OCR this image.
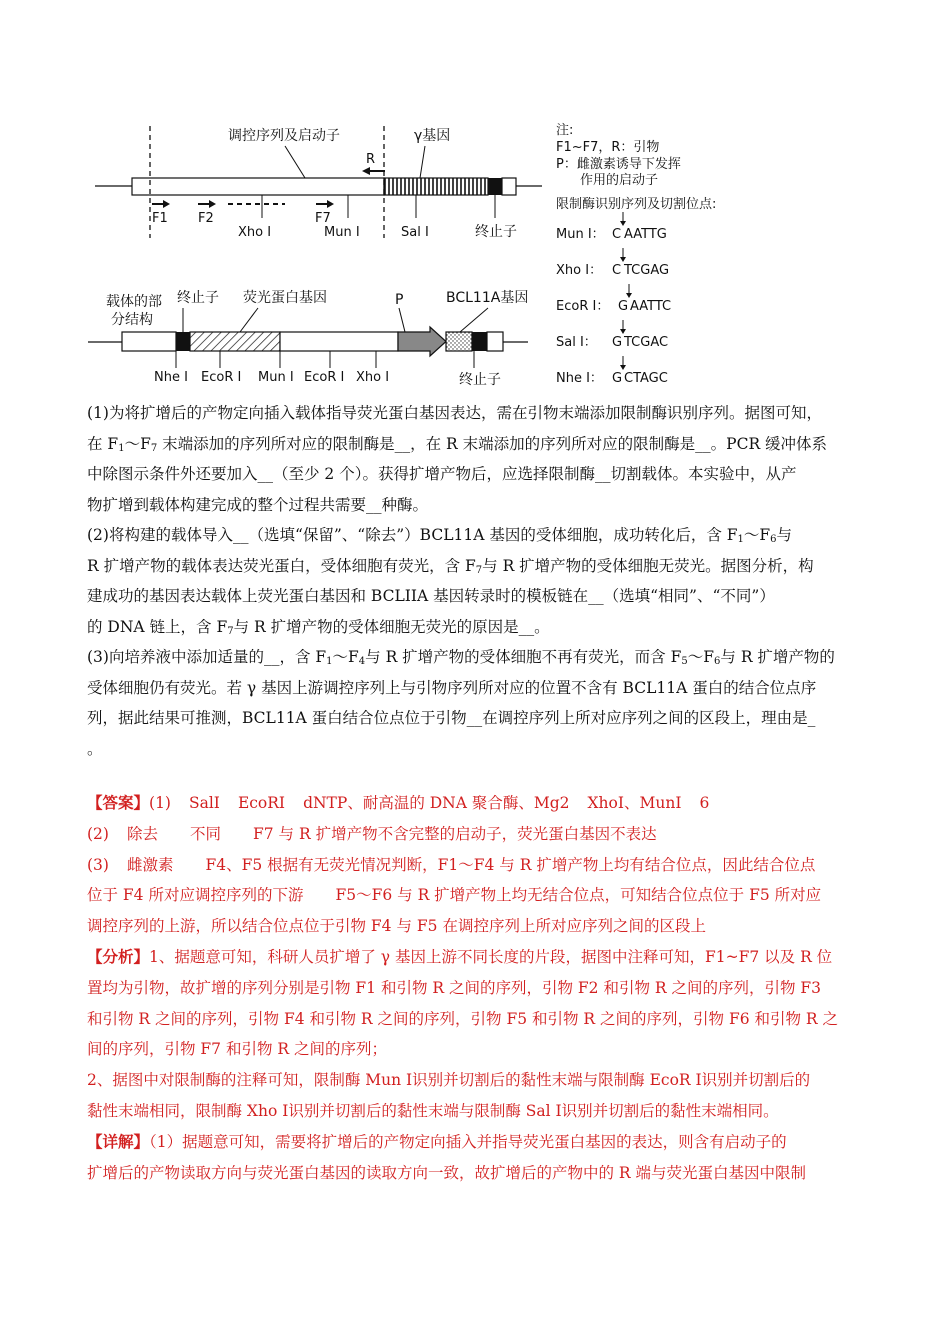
调控序列及启动子	γ基因
R
F1 F2	F7
Xho Ⅰ	Mun Ⅰ	Sal Ⅰ	终止子
载体的部
分结构
终止子 荧光蛋白基因	P	BCL11A基因
Nhe Ⅰ EcoR Ⅰ Mun Ⅰ EcoR Ⅰ Xho Ⅰ	终止子
注:
F1~F7，R：引物
P：雌激素诱导下发挥
作用的启动子
限制酶识别序列及切割位点:
Mun Ⅰ： C AATTG
Xho Ⅰ： C TCGAG
EcoR Ⅰ： G AATTC
Sal Ⅰ： G TCGAC
Nhe Ⅰ： G CTAGC

(1)为将扩增后的产物定向插入载体指导荧光蛋白基因表达，需在引物末端添加限制酶识别序列。据图可知，

在 $F_1\sim F_7$ 末端添加的序列所对应的限制酶是__，在 R 末端添加的序列所对应的限制酶是__。PCR 缓冲体系

中除图示条件外还要加入__（至少 2 个）。获得扩增产物后，应选择限制酶__切割载体。本实验中，从产

物扩增到载体构建完成的整个过程共需要__种酶。

(2)将构建的载体导入__（选填“保留”、“除去”）BCL11A 基因的受体细胞，成功转化后，含 $F_1\sim F_6$与

R 扩增产物的载体表达荧光蛋白，受体细胞有荧光，含 $F_7$与 R 扩增产物的受体细胞无荧光。据图分析，构

建成功的基因表达载体上荧光蛋白基因和 BCLIIA 基因转录时的模板链在__（选填“相同”、“不同”）

的 DNA 链上，含 $F_7$与 R 扩增产物的受体细胞无荧光的原因是__。

(3)向培养液中添加适量的__，含 $F_1\sim F_4$与 R 扩增产物的受体细胞不再有荧光，而含 $F_5\sim F_6$与 R 扩增产物的

受体细胞仍有荧光。若 γ 基因上游调控序列上与引物序列所对应的位置不含有 BCL11A 蛋白的结合位点序

列，据此结果可推测，BCL11A 蛋白结合位点位于引物__在调控序列上所对应序列之间的区段上，理由是_

。

【答案】(1) SalI EcoRI dNTP、耐高温的 DNA 聚合酶、Mg2 XhoI、MunI 6

(2) 除去 不同 F7 与 R 扩增产物不含完整的启动子，荧光蛋白基因不表达

(3) 雌激素 F4、F5 根据有无荧光情况判断，F1～F4 与 R 扩增产物上均有结合位点，因此结合位点

位于 F4 所对应调控序列的下游 F5～F6 与 R 扩增产物上均无结合位点，可知结合位点位于 F5 所对应

调控序列的上游，所以结合位点位于引物 F4 与 F5 在调控序列上所对应序列之间的区段上

【分析】1、据题意可知，科研人员扩增了 γ 基因上游不同长度的片段，据图中注释可知，F1~F7 以及 R 位

置均为引物，故扩增的序列分别是引物 F1 和引物 R 之间的序列，引物 F2 和引物 R 之间的序列，引物 F3

和引物 R 之间的序列，引物 F4 和引物 R 之间的序列，引物 F5 和引物 R 之间的序列，引物 F6 和引物 R 之

间的序列，引物 F7 和引物 R 之间的序列；

2、据图中对限制酶的注释可知，限制酶 Mun Ⅰ识别并切割后的黏性末端与限制酶 EcoR Ⅰ识别并切割后的

黏性末端相同，限制酶 Xho Ⅰ识别并切割后的黏性末端与限制酶 Sal Ⅰ识别并切割后的黏性末端相同。

【详解】（1）据题意可知，需要将扩增后的产物定向插入并指导荧光蛋白基因的表达，则含有启动子的

扩增后的产物读取方向与荧光蛋白基因的读取方向一致，故扩增后的产物中的 R 端与荧光蛋白基因中限制
